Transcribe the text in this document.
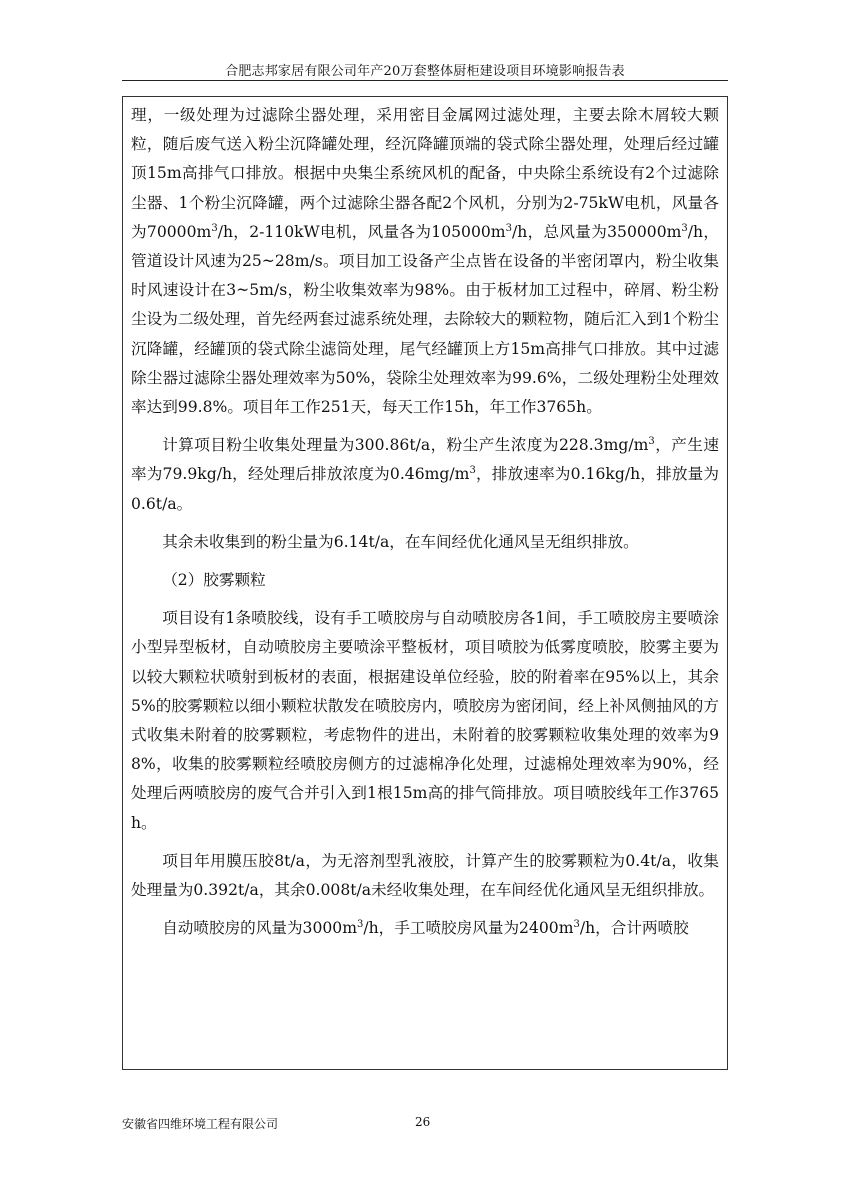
合肥志邦家居有限公司年产20万套整体厨柜建设项目环境影响报告表

理，一级处理为过滤除尘器处理，采用密目金属网过滤处理，主要去除木屑较大颗粒，随后废气送入粉尘沉降罐处理，经沉降罐顶端的袋式除尘器处理，处理后经过罐顶15m高排气口排放。根据中央集尘系统风机的配备，中央除尘系统设有2个过滤除尘器、1个粉尘沉降罐，两个过滤除尘器各配2个风机，分别为2-75kW电机，风量各为$70000m^3/h$，2-110kW电机，风量各为$105000m^3/h$，总风量为$350000m^3/h$，管道设计风速为25~28m/s。项目加工设备产尘点皆在设备的半密闭罩内，粉尘收集时风速设计在3~5m/s，粉尘收集效率为98%。由于板材加工过程中，碎屑、粉尘粉尘设为二级处理，首先经两套过滤系统处理，去除较大的颗粒物，随后汇入到1个粉尘沉降罐，经罐顶的袋式除尘滤筒处理，尾气经罐顶上方15m高排气口排放。其中过滤除尘器过滤除尘器处理效率为50%，袋除尘处理效率为99.6%，二级处理粉尘处理效率达到99.8%。项目年工作251天，每天工作15h，年工作3765h。

计算项目粉尘收集处理量为300.86t/a，粉尘产生浓度为$228.3mg/m^3$，产生速率为79.9kg/h，经处理后排放浓度为$0.46mg/m^3$，排放速率为0.16kg/h，排放量为0.6t/a。

其余未收集到的粉尘量为6.14t/a，在车间经优化通风呈无组织排放。

（2）胶雾颗粒

项目设有1条喷胶线，设有手工喷胶房与自动喷胶房各1间，手工喷胶房主要喷涂小型异型板材，自动喷胶房主要喷涂平整板材，项目喷胶为低雾度喷胶，胶雾主要为以较大颗粒状喷射到板材的表面，根据建设单位经验，胶的附着率在95%以上，其余5%的胶雾颗粒以细小颗粒状散发在喷胶房内，喷胶房为密闭间，经上补风侧抽风的方式收集未附着的胶雾颗粒，考虑物件的进出，未附着的胶雾颗粒收集处理的效率为98%，收集的胶雾颗粒经喷胶房侧方的过滤棉净化处理，过滤棉处理效率为90%，经处理后两喷胶房的废气合并引入到1根15m高的排气筒排放。项目喷胶线年工作3765h。

项目年用膜压胶8t/a，为无溶剂型乳液胶，计算产生的胶雾颗粒为0.4t/a，收集处理量为0.392t/a，其余0.008t/a未经收集处理，在车间经优化通风呈无组织排放。

自动喷胶房的风量为$3000m^3/h$，手工喷胶房风量为$2400m^3/h$，合计两喷胶

安徽省四维环境工程有限公司	26
